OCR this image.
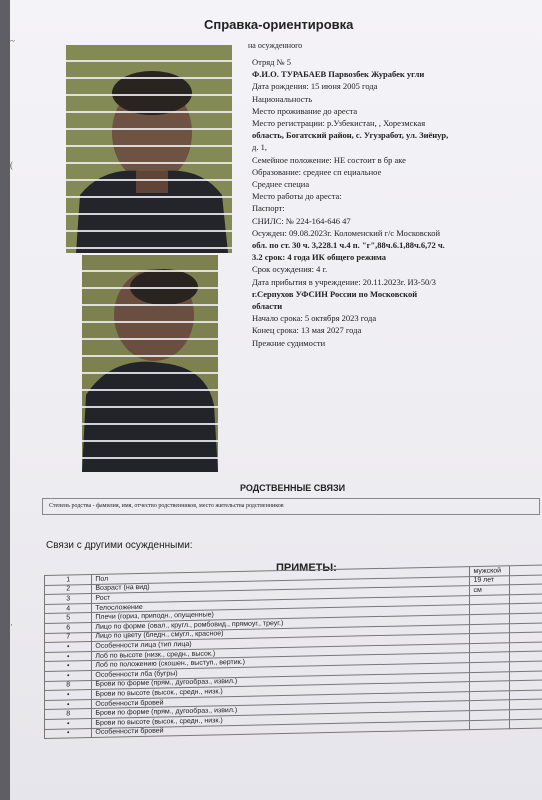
~
(
·
Справка-ориентировка
на осужденного
Отряд № 5
Ф.И.О. ТУРАБАЕВ Парвозбек Журабек угли
Дата рождения: 15 июня 2005 года
Национальность
Место проживание до ареста
Место регистрации: р.Узбекистан, , Хорезмская
область, Богатский район, с. Угузработ, ул. Зиёнур,
д. 1,
Семейное положение: НЕ состоит в бр аке
Образование: среднее сп ециальное
Среднее специа
Место работы до ареста:
Паспорт:
СНИЛС: № 224-164-646 47
Осужден: 09.08.2023г. Коломенский г/с Московской
обл. по ст. 30 ч. 3,228.1 ч.4 п. "г",88ч.6.1,88ч.6,72 ч.
3.2 срок: 4 года ИК общего режима
Срок осуждения: 4 г.
Дата прибытия в учреждение: 20.11.2023г. ИЗ-50/3
г.Серпухов УФСИН России по Московской
области
Начало срока: 5 октября 2023 года
Конец срока: 13 мая 2027 года
Прежние судимости
РОДСТВЕННЫЕ СВЯЗИ
Степень родства - фамилия, имя, отчество родственников, место жительства родственников
Связи с другими осужденными:
ПРИМЕТЫ:
1	Пол	мужской	
2	Возраст (на вид)	19 лет	
3	Рост	см	
4	Телосложение		
5	Плечи (гориз, приподн., опущенные)		
6	Лицо по форме (овал., кругл., ромбовид., прямоуг., треуг.)		
7	Лицо по цвету (бледн., смугл., красное)		
•	Особенности лица (тип лица)		
•	Лоб по высоте (низк., средн., высок.)		
•	Лоб по положению (скошен., выступ., вертик.)		
•	Особенности лба (бугры)		
8	Брови по форме (прям., дугообраз., извил.)		
•	Брови по высоте (высок., средн., низк.)		
•	Особенности бровей		
8	Брови по форме (прям., дугообраз., извил.)		
•	Брови по высоте (высок., средн., низк.)		
•	Особенности бровей		
